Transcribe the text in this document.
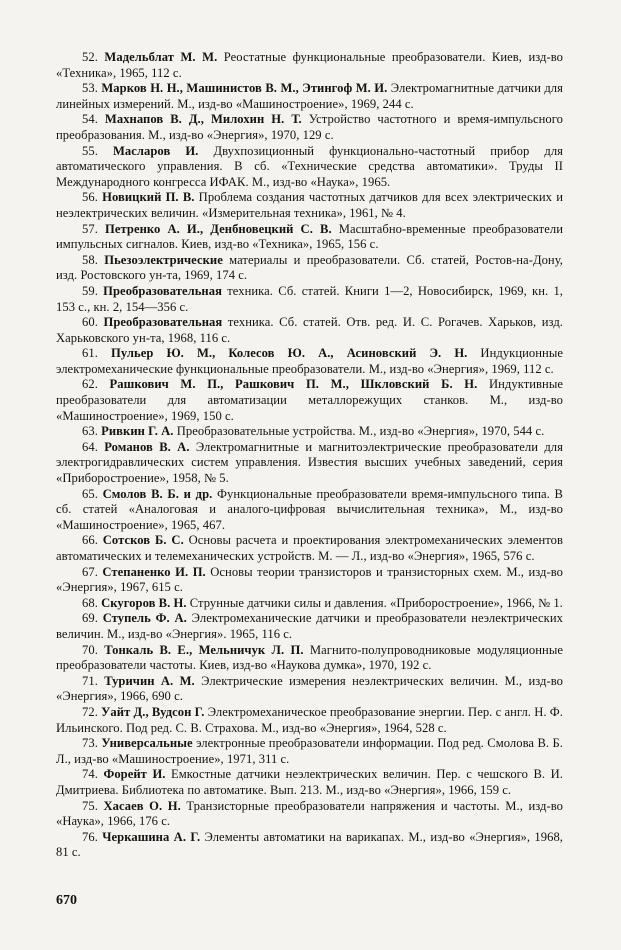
52. Мадельблат М. М. Реостатные функциональные преобразователи. Киев, изд-во «Техника», 1965, 112 с.

53. Марков Н. Н., Машинистов В. М., Этингоф М. И. Электромагнитные датчики для линейных измерений. М., изд-во «Машиностроение», 1969, 244 с.

54. Махнапов В. Д., Милохин Н. Т. Устройство частотного и время-импульсного преобразования. М., изд-во «Энергия», 1970, 129 с.

55. Масларов И. Двухпозиционный функционально-частотный прибор для автоматического управления. В сб. «Технические средства автоматики». Труды II Международного конгресса ИФАК. М., изд-во «Наука», 1965.

56. Новицкий П. В. Проблема создания частотных датчиков для всех электрических и неэлектрических величин. «Измерительная техника», 1961, № 4.

57. Петренко А. И., Денбновецкий С. В. Масштабно-временные преобразователи импульсных сигналов. Киев, изд-во «Техника», 1965, 156 с.

58. Пьезоэлектрические материалы и преобразователи. Сб. статей, Ростов-на-Дону, изд. Ростовского ун-та, 1969, 174 с.

59. Преобразовательная техника. Сб. статей. Книги 1—2, Новосибирск, 1969, кн. 1, 153 с., кн. 2, 154—356 с.

60. Преобразовательная техника. Сб. статей. Отв. ред. И. С. Рогачев. Харьков, изд. Харьковского ун-та, 1968, 116 с.

61. Пульер Ю. М., Колесов Ю. А., Асиновский Э. Н. Индукционные электромеханические функциональные преобразователи. М., изд-во «Энергия», 1969, 112 с.

62. Рашкович М. П., Рашкович П. М., Шкловский Б. Н. Индуктивные преобразователи для автоматизации металлорежущих станков. М., изд-во «Машиностроение», 1969, 150 с.

63. Ривкин Г. А. Преобразовательные устройства. М., изд-во «Энергия», 1970, 544 с.

64. Романов В. А. Электромагнитные и магнитоэлектрические преобразователи для электрогидравлических систем управления. Известия высших учебных заведений, серия «Приборостроение», 1958, № 5.

65. Смолов В. Б. и др. Функциональные преобразователи время-импульсного типа. В сб. статей «Аналоговая и аналого-цифровая вычислительная техника», М., изд-во «Машиностроение», 1965, 467.

66. Сотсков Б. С. Основы расчета и проектирования электромеханических элементов автоматических и телемеханических устройств. М. — Л., изд-во «Энергия», 1965, 576 с.

67. Степаненко И. П. Основы теории транзисторов и транзисторных схем. М., изд-во «Энергия», 1967, 615 с.

68. Скугоров В. Н. Струнные датчики силы и давления. «Приборостроение», 1966, № 1.

69. Ступель Ф. А. Электромеханические датчики и преобразователи неэлектрических величин. М., изд-во «Энергия». 1965, 116 с.

70. Тонкаль В. Е., Мельничук Л. П. Магнито-полупроводниковые модуляционные преобразователи частоты. Киев, изд-во «Наукова думка», 1970, 192 с.

71. Туричин А. М. Электрические измерения неэлектрических величин. М., изд-во «Энергия», 1966, 690 с.

72. Уайт Д., Вудсон Г. Электромеханическое преобразование энергии. Пер. с англ. Н. Ф. Ильинского. Под ред. С. В. Страхова. М., изд-во «Энергия», 1964, 528 с.

73. Универсальные электронные преобразователи информации. Под ред. Смолова В. Б. Л., изд-во «Машиностроение», 1971, 311 с.

74. Форейт И. Емкостные датчики неэлектрических величин. Пер. с чешского В. И. Дмитриева. Библиотека по автоматике. Вып. 213. М., изд-во «Энергия», 1966, 159 с.

75. Хасаев О. Н. Транзисторные преобразователи напряжения и частоты. М., изд-во «Наука», 1966, 176 с.

76. Черкашина А. Г. Элементы автоматики на варикапах. М., изд-во «Энергия», 1968, 81 с.

670
